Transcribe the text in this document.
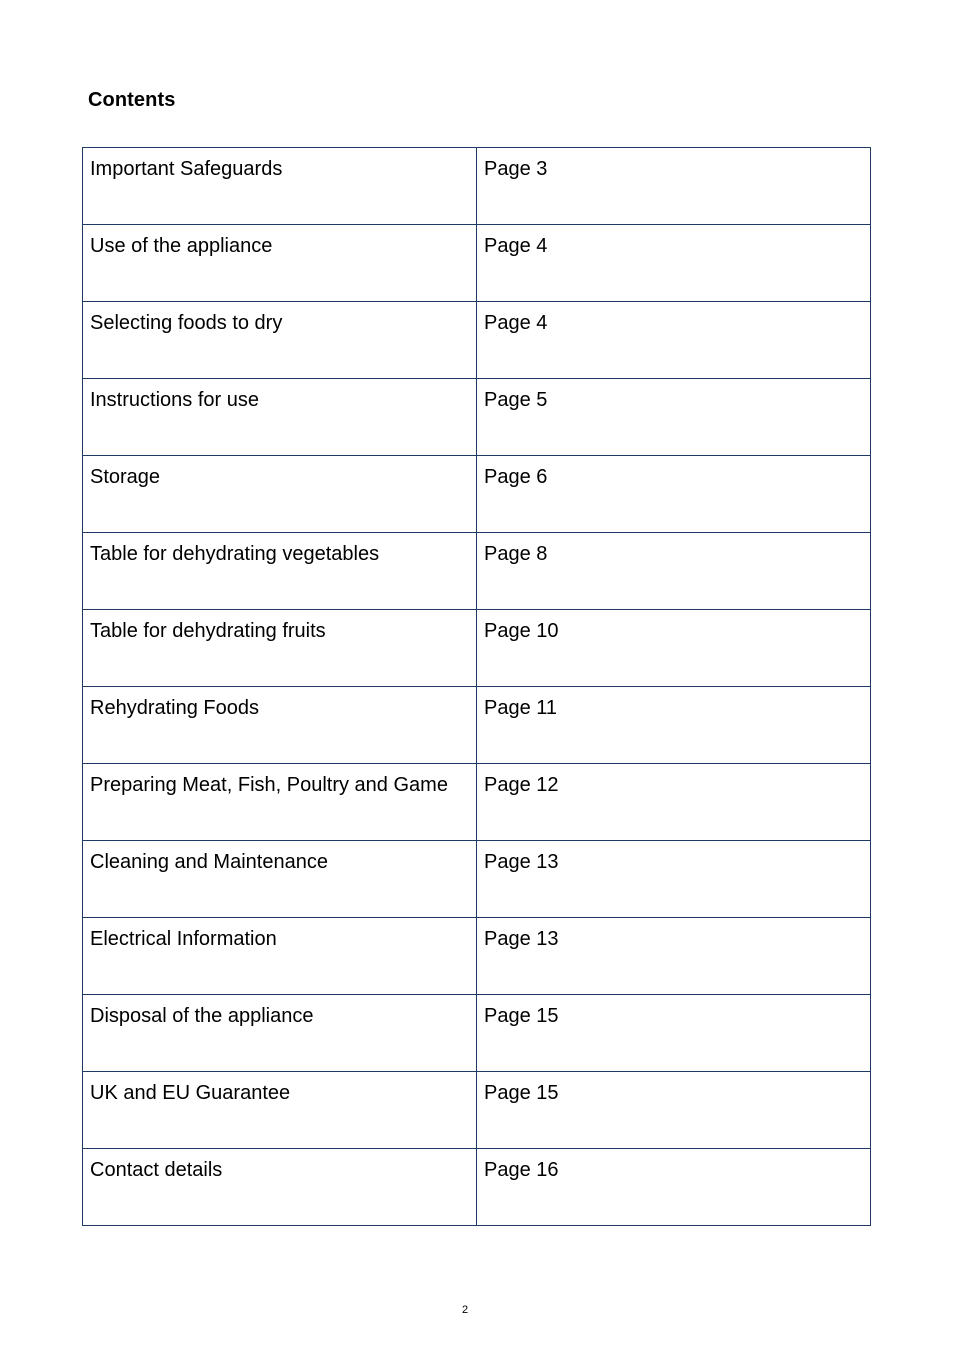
Contents
Important Safeguards	Page 3
Use of the appliance	Page 4
Selecting foods to dry	Page 4
Instructions for use	Page 5
Storage	Page 6
Table for dehydrating vegetables	Page 8
Table for dehydrating fruits	Page 10
Rehydrating Foods	Page 11
Preparing Meat, Fish, Poultry and Game	Page 12
Cleaning and Maintenance	Page 13
Electrical Information	Page 13
Disposal of the appliance	Page 15
UK and EU Guarantee	Page 15
Contact details	Page 16
2
